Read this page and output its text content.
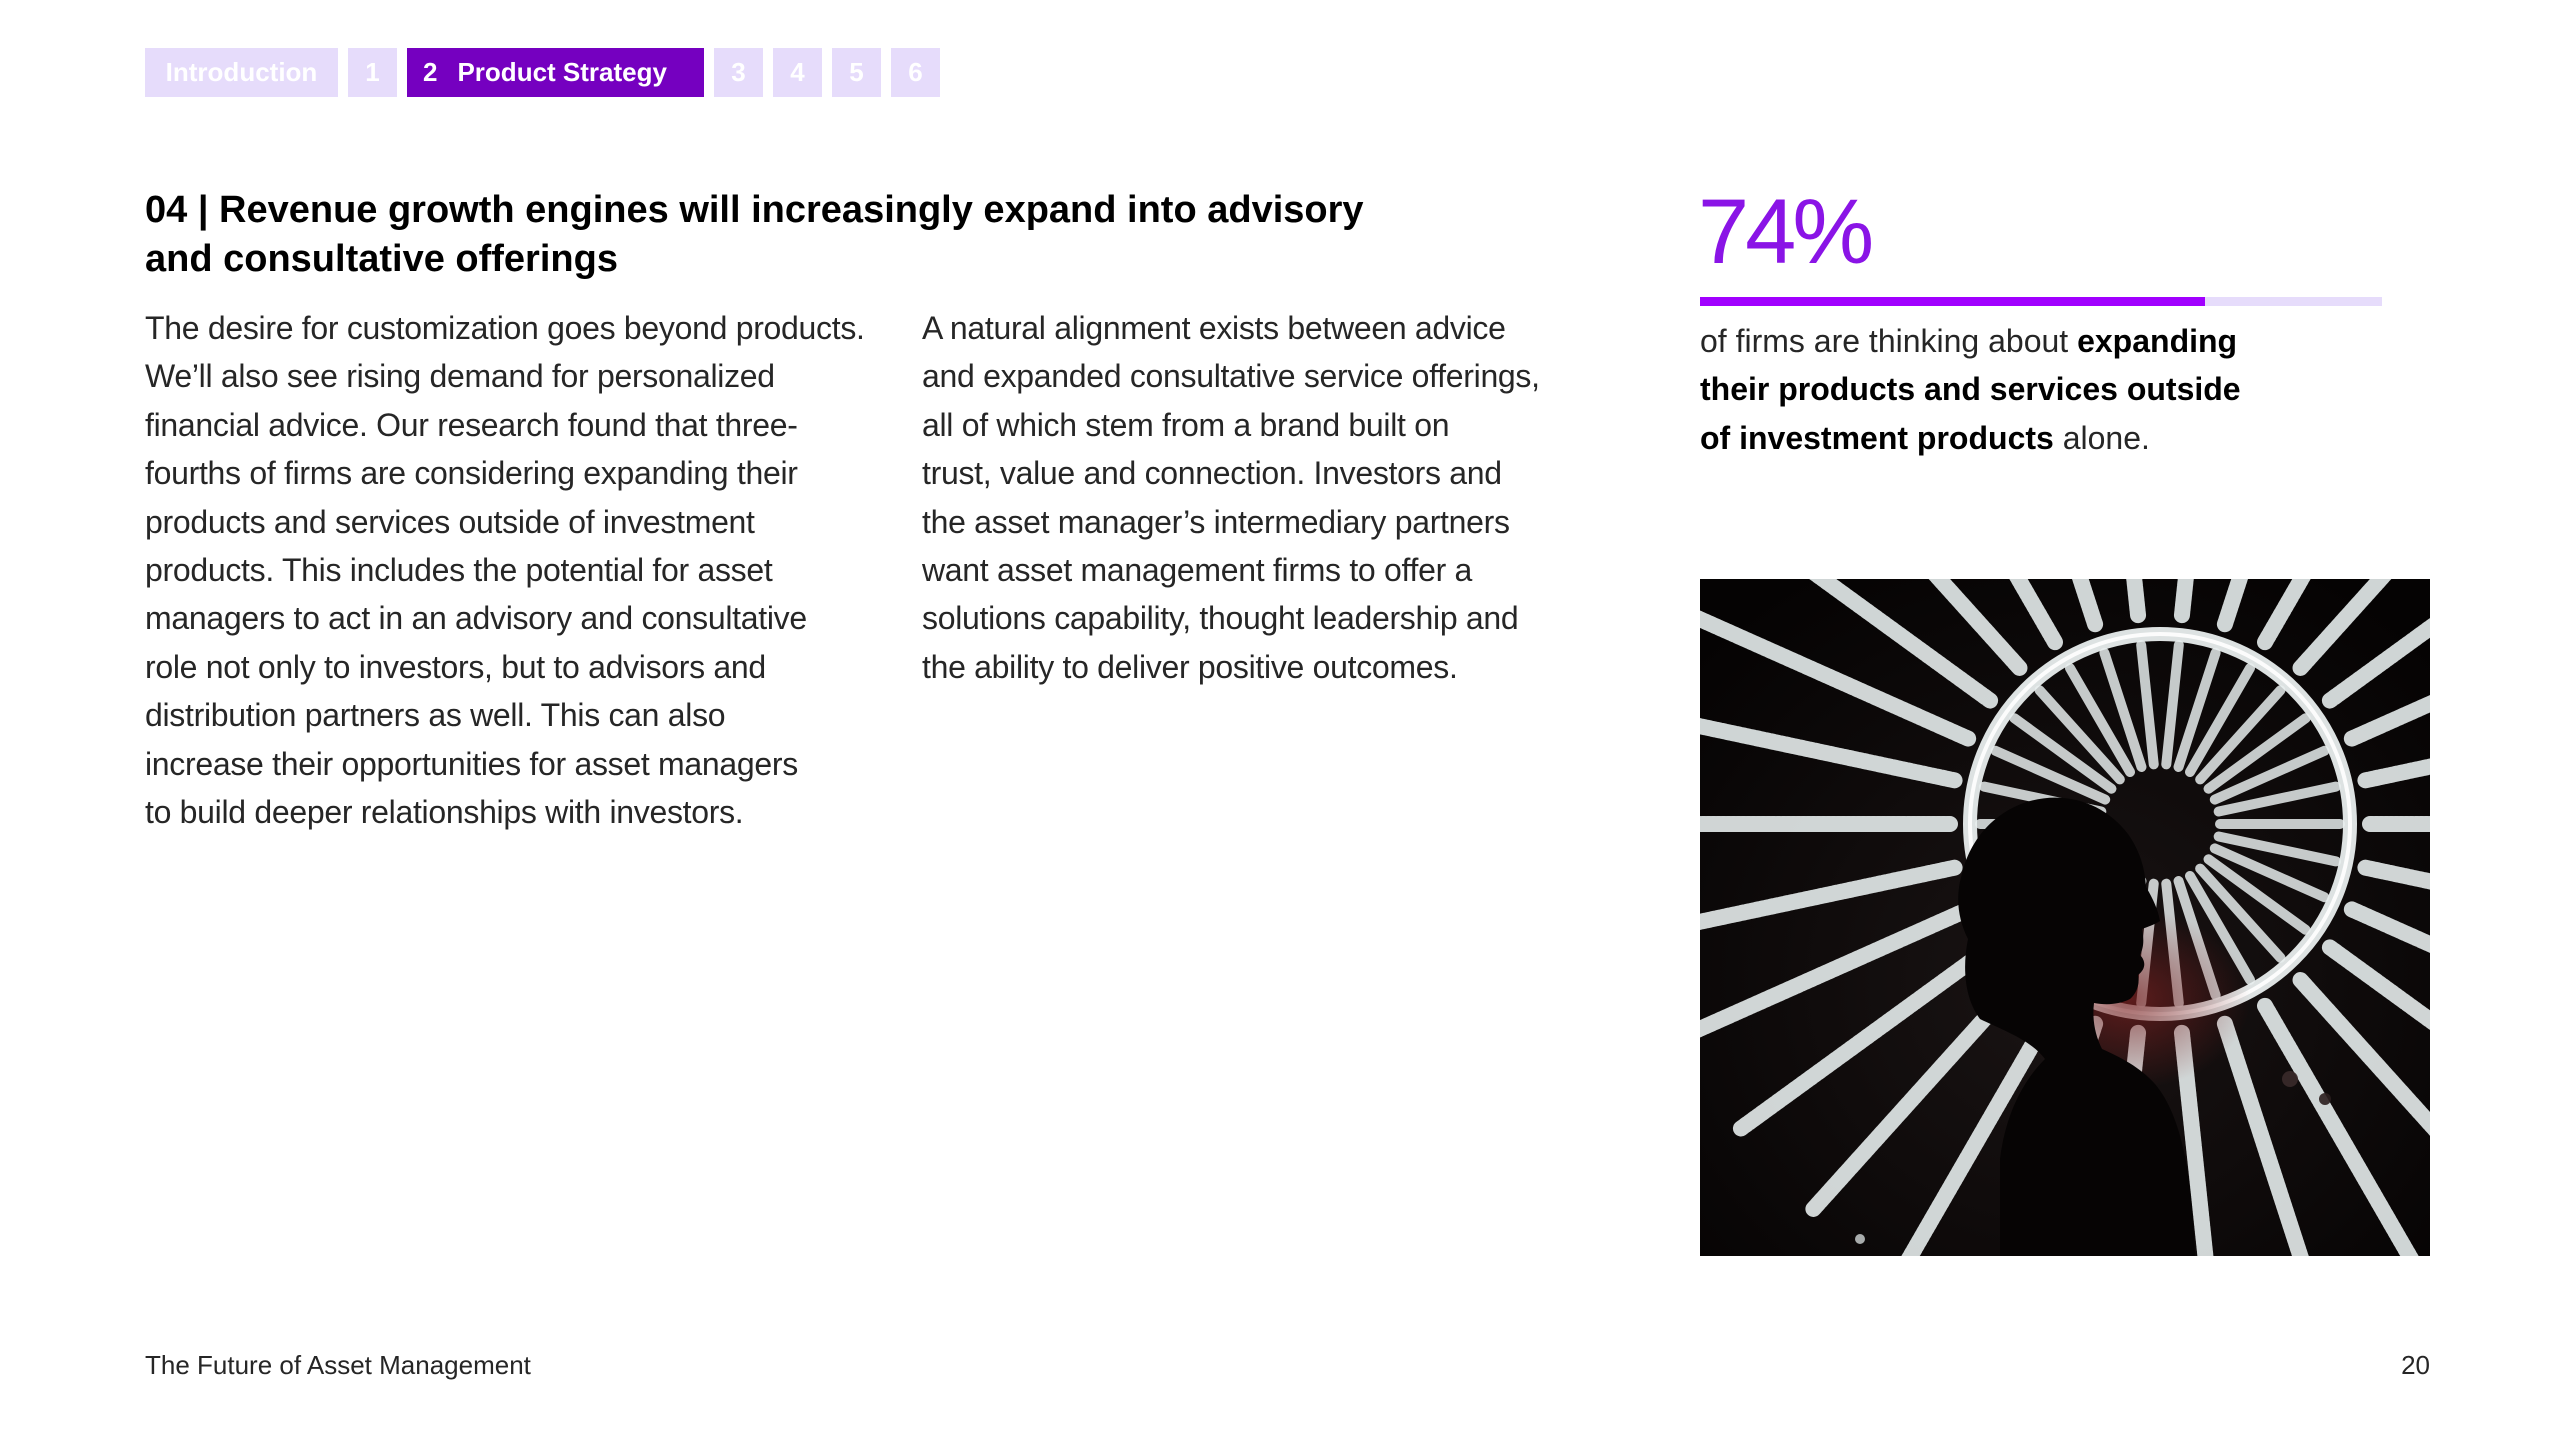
Introduction	1	2 Product Strategy	3	4	5	6
04 | Revenue growth engines will increasingly expand into advisory
and consultative offerings
The desire for customization goes beyond products.
We’ll also see rising demand for personalized
financial advice. Our research found that three-
fourths of firms are considering expanding their
products and services outside of investment
products. This includes the potential for asset
managers to act in an advisory and consultative
role not only to investors, but to advisors and
distribution partners as well. This can also
increase their opportunities for asset managers
to build deeper relationships with investors.
A natural alignment exists between advice
and expanded consultative service offerings,
all of which stem from a brand built on
trust, value and connection. Investors and
the asset manager’s intermediary partners
want asset management firms to offer a
solutions capability, thought leadership and
the ability to deliver positive outcomes.
74%
of firms are thinking about expanding
their products and services outside
of investment products alone.
The Future of Asset Management	20
